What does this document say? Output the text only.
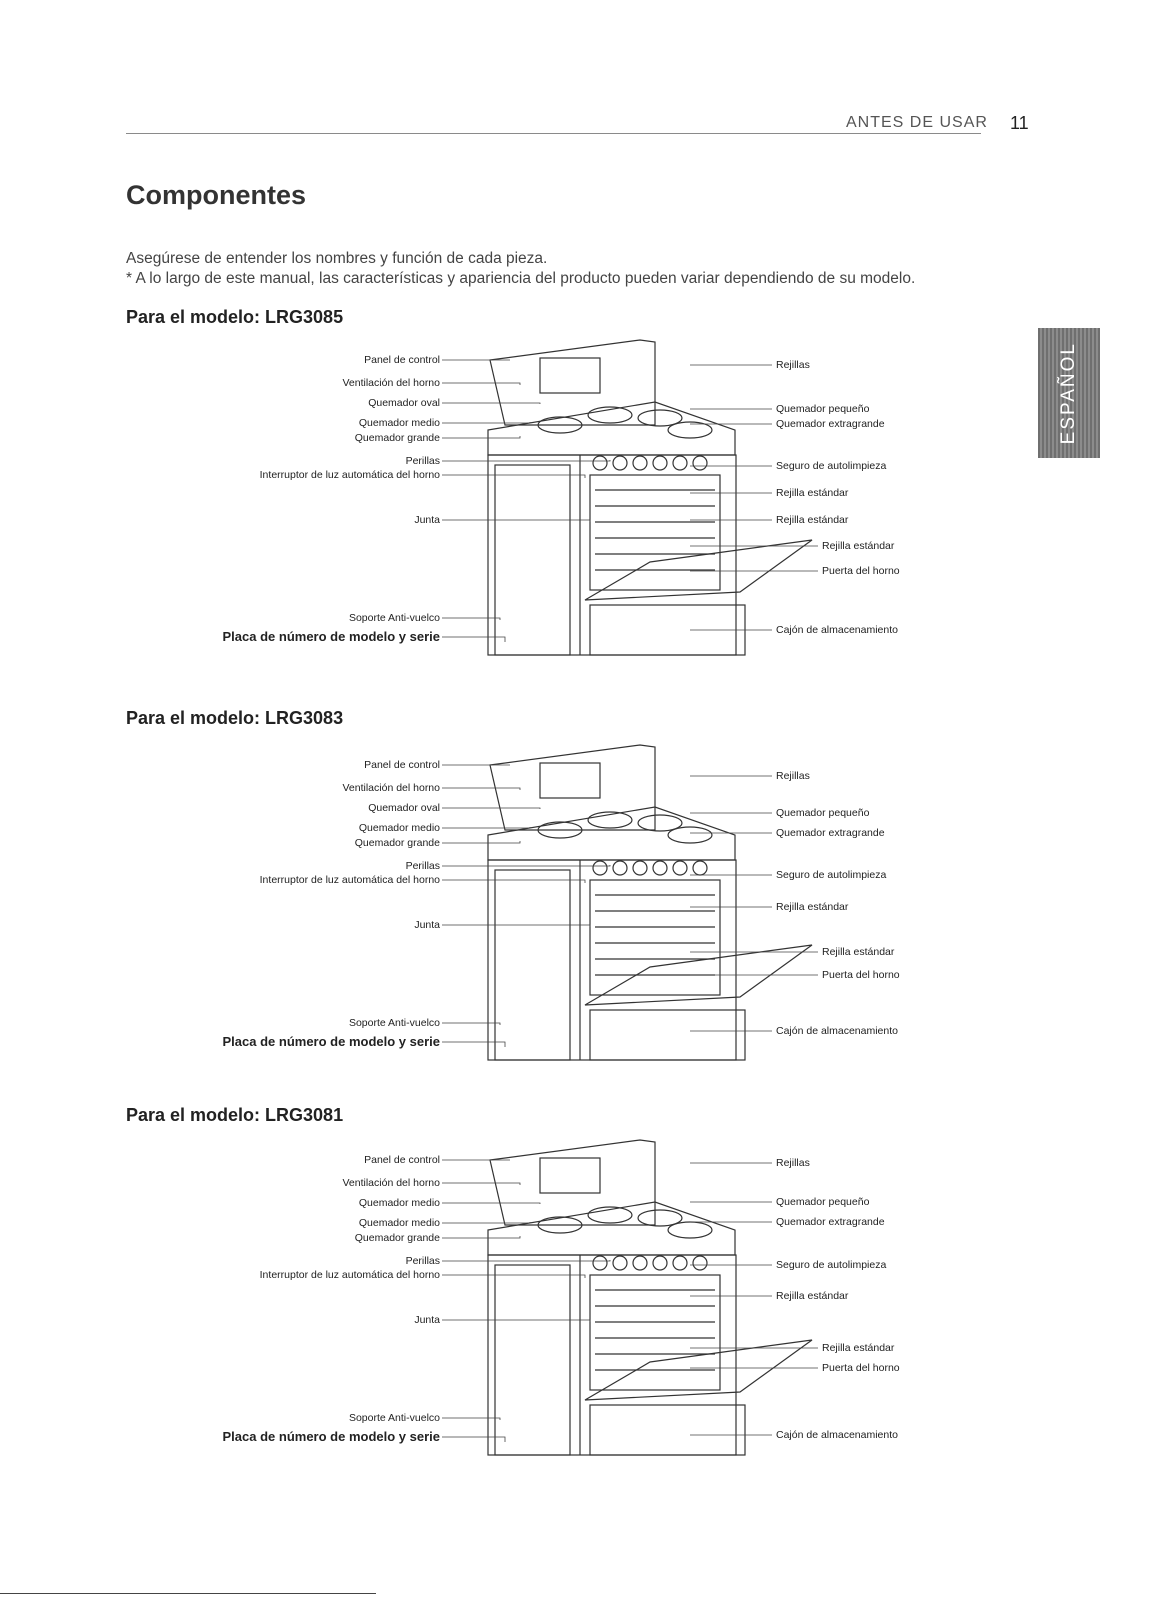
ANTES DE USAR 11
Componentes
Asegúrese de entender los nombres y función de cada pieza.
* A lo largo de este manual, las características y apariencia del producto pueden variar dependiendo de su modelo.
ESPAÑOL
Para el modelo: LRG3085
Para el modelo: LRG3083
Para el modelo: LRG3081
Panel de control
Ventilación del horno
Quemador oval
Quemador medio
Quemador grande
Perillas
Interruptor de luz automática del horno
Junta
Soporte Anti-vuelco
Placa de número de modelo y serie
Rejillas
Quemador pequeño
Quemador extragrande
Seguro de autolimpieza
Rejilla estándar
Rejilla estándar
Rejilla estándar
Puerta del horno
Cajón de almacenamiento
Panel de control
Ventilación del horno
Quemador oval
Quemador medio
Quemador grande
Perillas
Interruptor de luz automática del horno
Junta
Soporte Anti-vuelco
Placa de número de modelo y serie
Rejillas
Quemador pequeño
Quemador extragrande
Seguro de autolimpieza
Rejilla estándar
Rejilla estándar
Puerta del horno
Cajón de almacenamiento
Panel de control
Ventilación del horno
Quemador medio
Quemador medio
Quemador grande
Perillas
Interruptor de luz automática del horno
Junta
Soporte Anti-vuelco
Placa de número de modelo y serie
Rejillas
Quemador pequeño
Quemador extragrande
Seguro de autolimpieza
Rejilla estándar
Rejilla estándar
Puerta del horno
Cajón de almacenamiento
